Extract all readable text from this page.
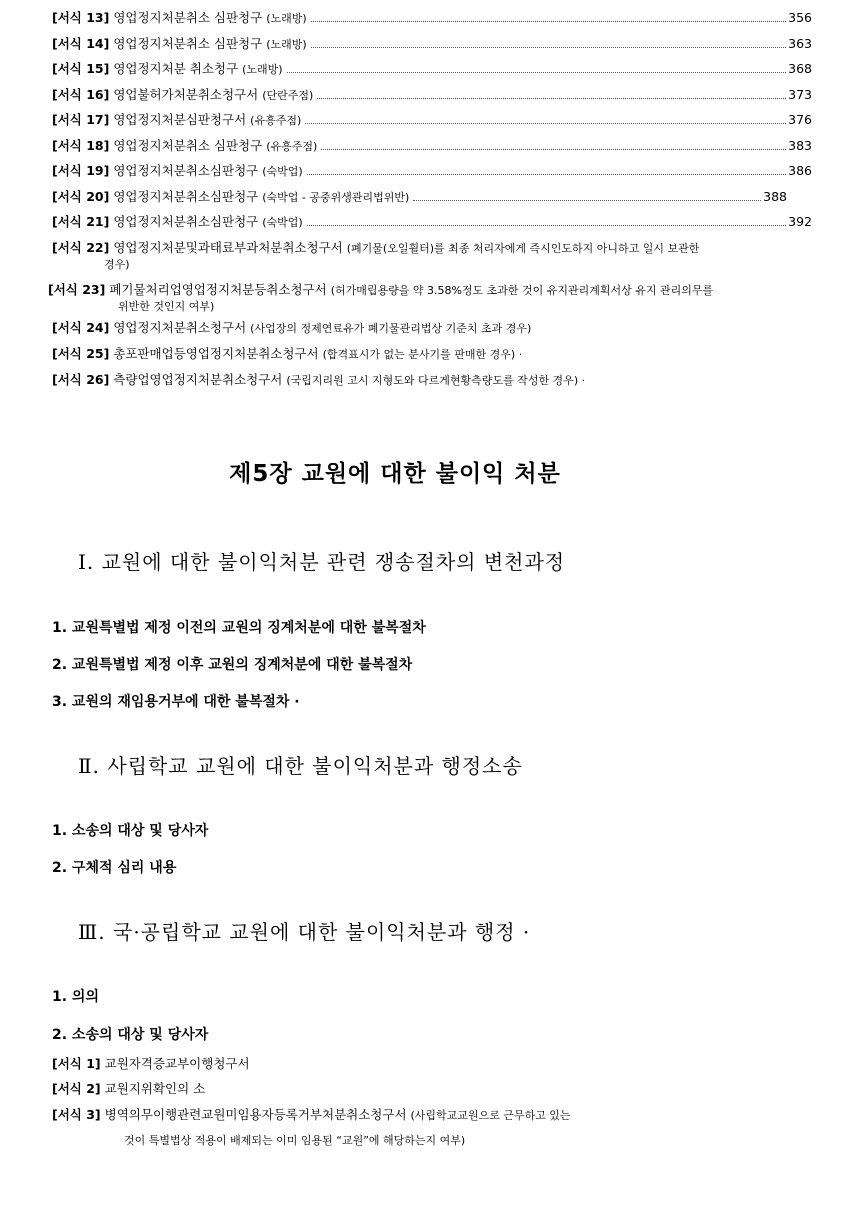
[서식 13] 영업정지처분취소 심판청구 (노래방)	356
[서식 14] 영업정지처분취소 심판청구 (노래방)	363
[서식 15] 영업정지처분 취소청구 (노래방)	368
[서식 16] 영업불허가처분취소청구서 (단란주점)	373
[서식 17] 영업정지처분심판청구서 (유흥주점)	376
[서식 18] 영업정지처분취소 심판청구 (유흥주점)	383
[서식 19] 영업정지처분취소심판청구 (숙박업)	386
[서식 20] 영업정지처분취소심판청구 (숙박업 - 공중위생관리법위반)	388
[서식 21] 영업정지처분취소심판청구 (숙박업)	392
[서식 22] 영업정지처분및과태료부과처분취소청구서 (폐기물(오일휠터)를 최종 처리자에게 즉시인도하지 아니하고 일시 보관한
경우)
[서식 23] 폐기물처리업영업정지처분등취소청구서 (허가매립용량을 약 3.58%정도 초과한 것이 유지관리계획서상 유지 관리의무를
위반한 것인지 여부)
[서식 24] 영업정지처분취소청구서 (사업장의 정제연료유가 폐기물관리법상 기준치 초과 경우)
[서식 25] 총포판매업등영업정지처분취소청구서 (합격표시가 없는 분사기를 판매한 경우) ·
[서식 26] 측량업영업정지처분취소청구서 (국립지리원 고시 지형도와 다르게현황측량도를 작성한 경우) ·
제5장 교원에 대한 불이익 처분
Ⅰ. 교원에 대한 불이익처분 관련 쟁송절차의 변천과정
1. 교원특별법 제정 이전의 교원의 징계처분에 대한 불복절차
2. 교원특별법 제정 이후 교원의 징계처분에 대한 불복절차
3. 교원의 재임용거부에 대한 불복절차 ·
Ⅱ. 사립학교 교원에 대한 불이익처분과 행정소송
1. 소송의 대상 및 당사자
2. 구체적 심리 내용
Ⅲ. 국·공립학교 교원에 대한 불이익처분과 행정 ·
1. 의의
2. 소송의 대상 및 당사자
[서식 1] 교원자격증교부이행청구서
[서식 2] 교원지위확인의 소
[서식 3] 병역의무이행관련교원미임용자등록거부처분취소청구서 (사립학교교원으로 근무하고 있는
것이 특별법상 적용이 배제되는 이미 임용된 “교원”에 해당하는지 여부)
